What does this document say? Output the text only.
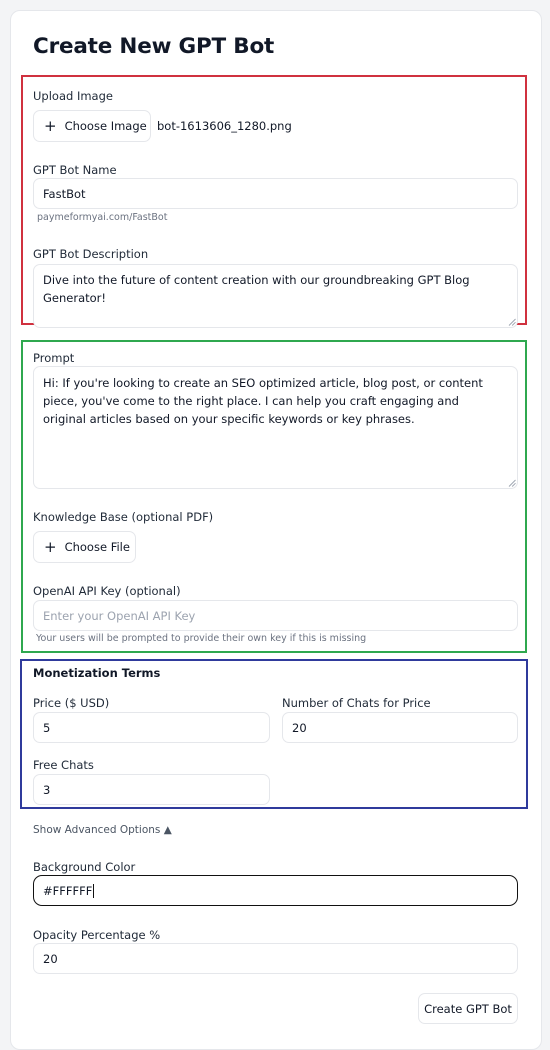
Create New GPT Bot
Upload Image
+ Choose Image bot-1613606_1280.png
GPT Bot Name
FastBot
paymeformyai.com/FastBot
GPT Bot Description
Dive into the future of content creation with our groundbreaking GPT Blog Generator!
Prompt
Hi: If you're looking to create an SEO optimized article, blog post, or content piece, you've come to the right place. I can help you craft engaging and original articles based on your specific keywords or key phrases.
Knowledge Base (optional PDF)
+ Choose File
OpenAI API Key (optional)
Enter your OpenAI API Key
Your users will be prompted to provide their own key if this is missing
Monetization Terms
Price ($ USD)
5
Number of Chats for Price
20
Free Chats
3
Show Advanced Options ▲
Background Color
#FFFFFF
Opacity Percentage %
20
Create GPT Bot
